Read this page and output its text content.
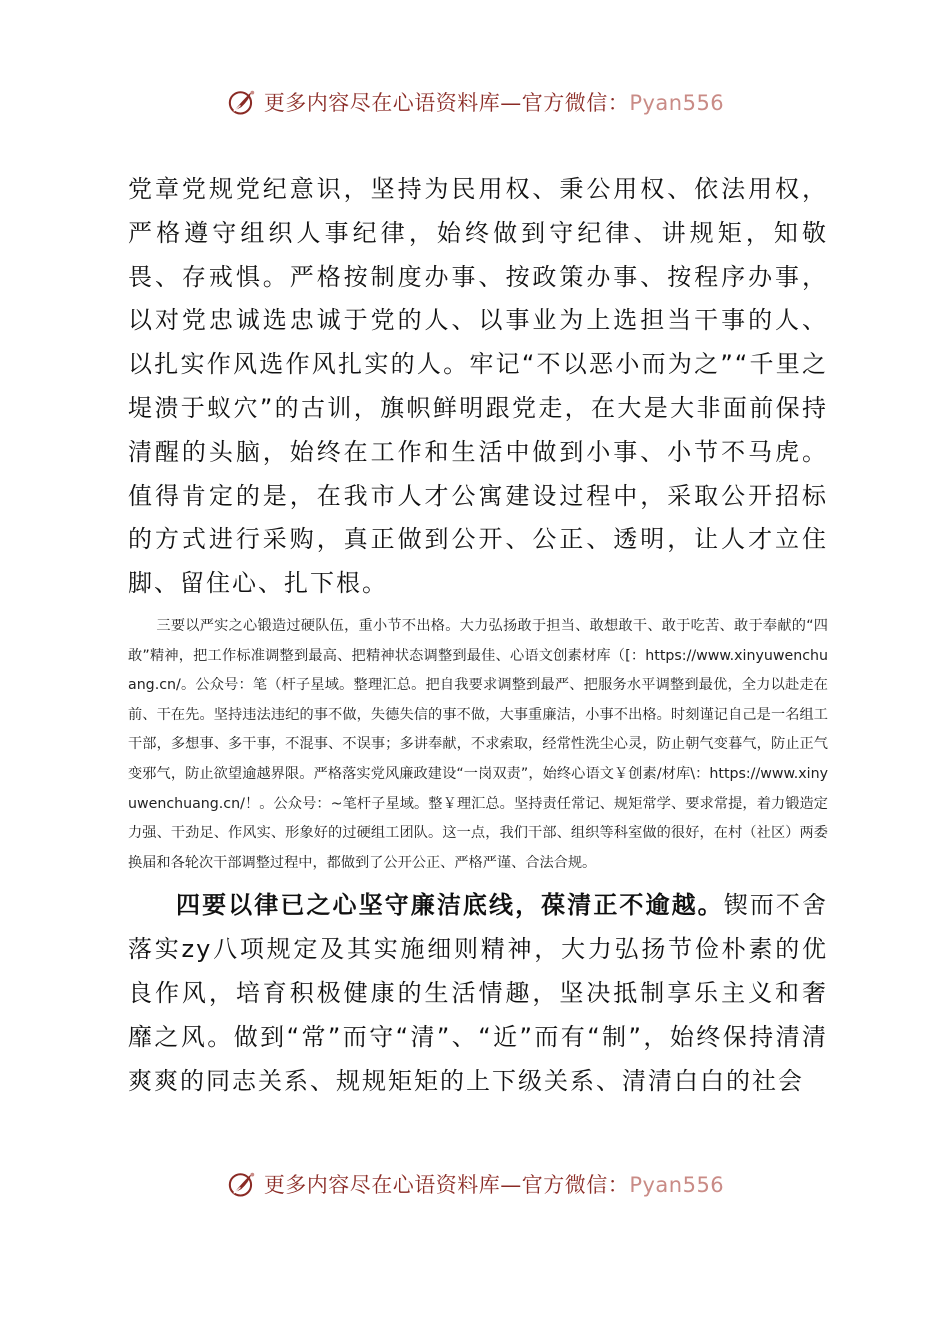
更多内容尽在心语资料库—官方微信：Pyan556

党章党规党纪意识，坚持为民用权、秉公用权、依法用权，严格遵守组织人事纪律，始终做到守纪律、讲规矩，知敬畏、存戒惧。严格按制度办事、按政策办事、按程序办事，以对党忠诚选忠诚于党的人、以事业为上选担当干事的人、以扎实作风选作风扎实的人。牢记“不以恶小而为之”“千里之堤溃于蚁穴”的古训，旗帜鲜明跟党走，在大是大非面前保持清醒的头脑，始终在工作和生活中做到小事、小节不马虎。值得肯定的是，在我市人才公寓建设过程中，采取公开招标的方式进行采购，真正做到公开、公正、透明，让人才立住脚、留住心、扎下根。

三要以严实之心锻造过硬队伍，重小节不出格。大力弘扬敢于担当、敢想敢干、敢于吃苦、敢于奉献的“四敢”精神，把工作标准调整到最高、把精神状态调整到最佳、心语文创素材库（[：https://www.xinyuwenchuang.cn/。公众号：笔（杆子星域。整理汇总。把自我要求调整到最严、把服务水平调整到最优，全力以赴走在前、干在先。坚持违法违纪的事不做，失德失信的事不做，大事重廉洁，小事不出格。时刻谨记自己是一名组工干部，多想事、多干事，不混事、不误事；多讲奉献，不求索取，经常性洗尘心灵，防止朝气变暮气，防止正气变邪气，防止欲望逾越界限。严格落实党风廉政建设“一岗双责”，始终心语文￥创素/材库\：https://www.xinyuwenchuang.cn/！。公众号：~笔杆子星域。整￥理汇总。坚持责任常记、规矩常学、要求常提，着力锻造定力强、干劲足、作风实、形象好的过硬组工团队。这一点，我们干部、组织等科室做的很好，在村（社区）两委换届和各轮次干部调整过程中，都做到了公开公正、严格严谨、合法合规。

四要以律已之心坚守廉洁底线，葆清正不逾越。锲而不舍落实zy八项规定及其实施细则精神，大力弘扬节俭朴素的优良作风，培育积极健康的生活情趣，坚决抵制享乐主义和奢靡之风。做到“常”而守“清”、“近”而有“制”，始终保持清清爽爽的同志关系、规规矩矩的上下级关系、清清白白的社会

更多内容尽在心语资料库—官方微信：Pyan556
